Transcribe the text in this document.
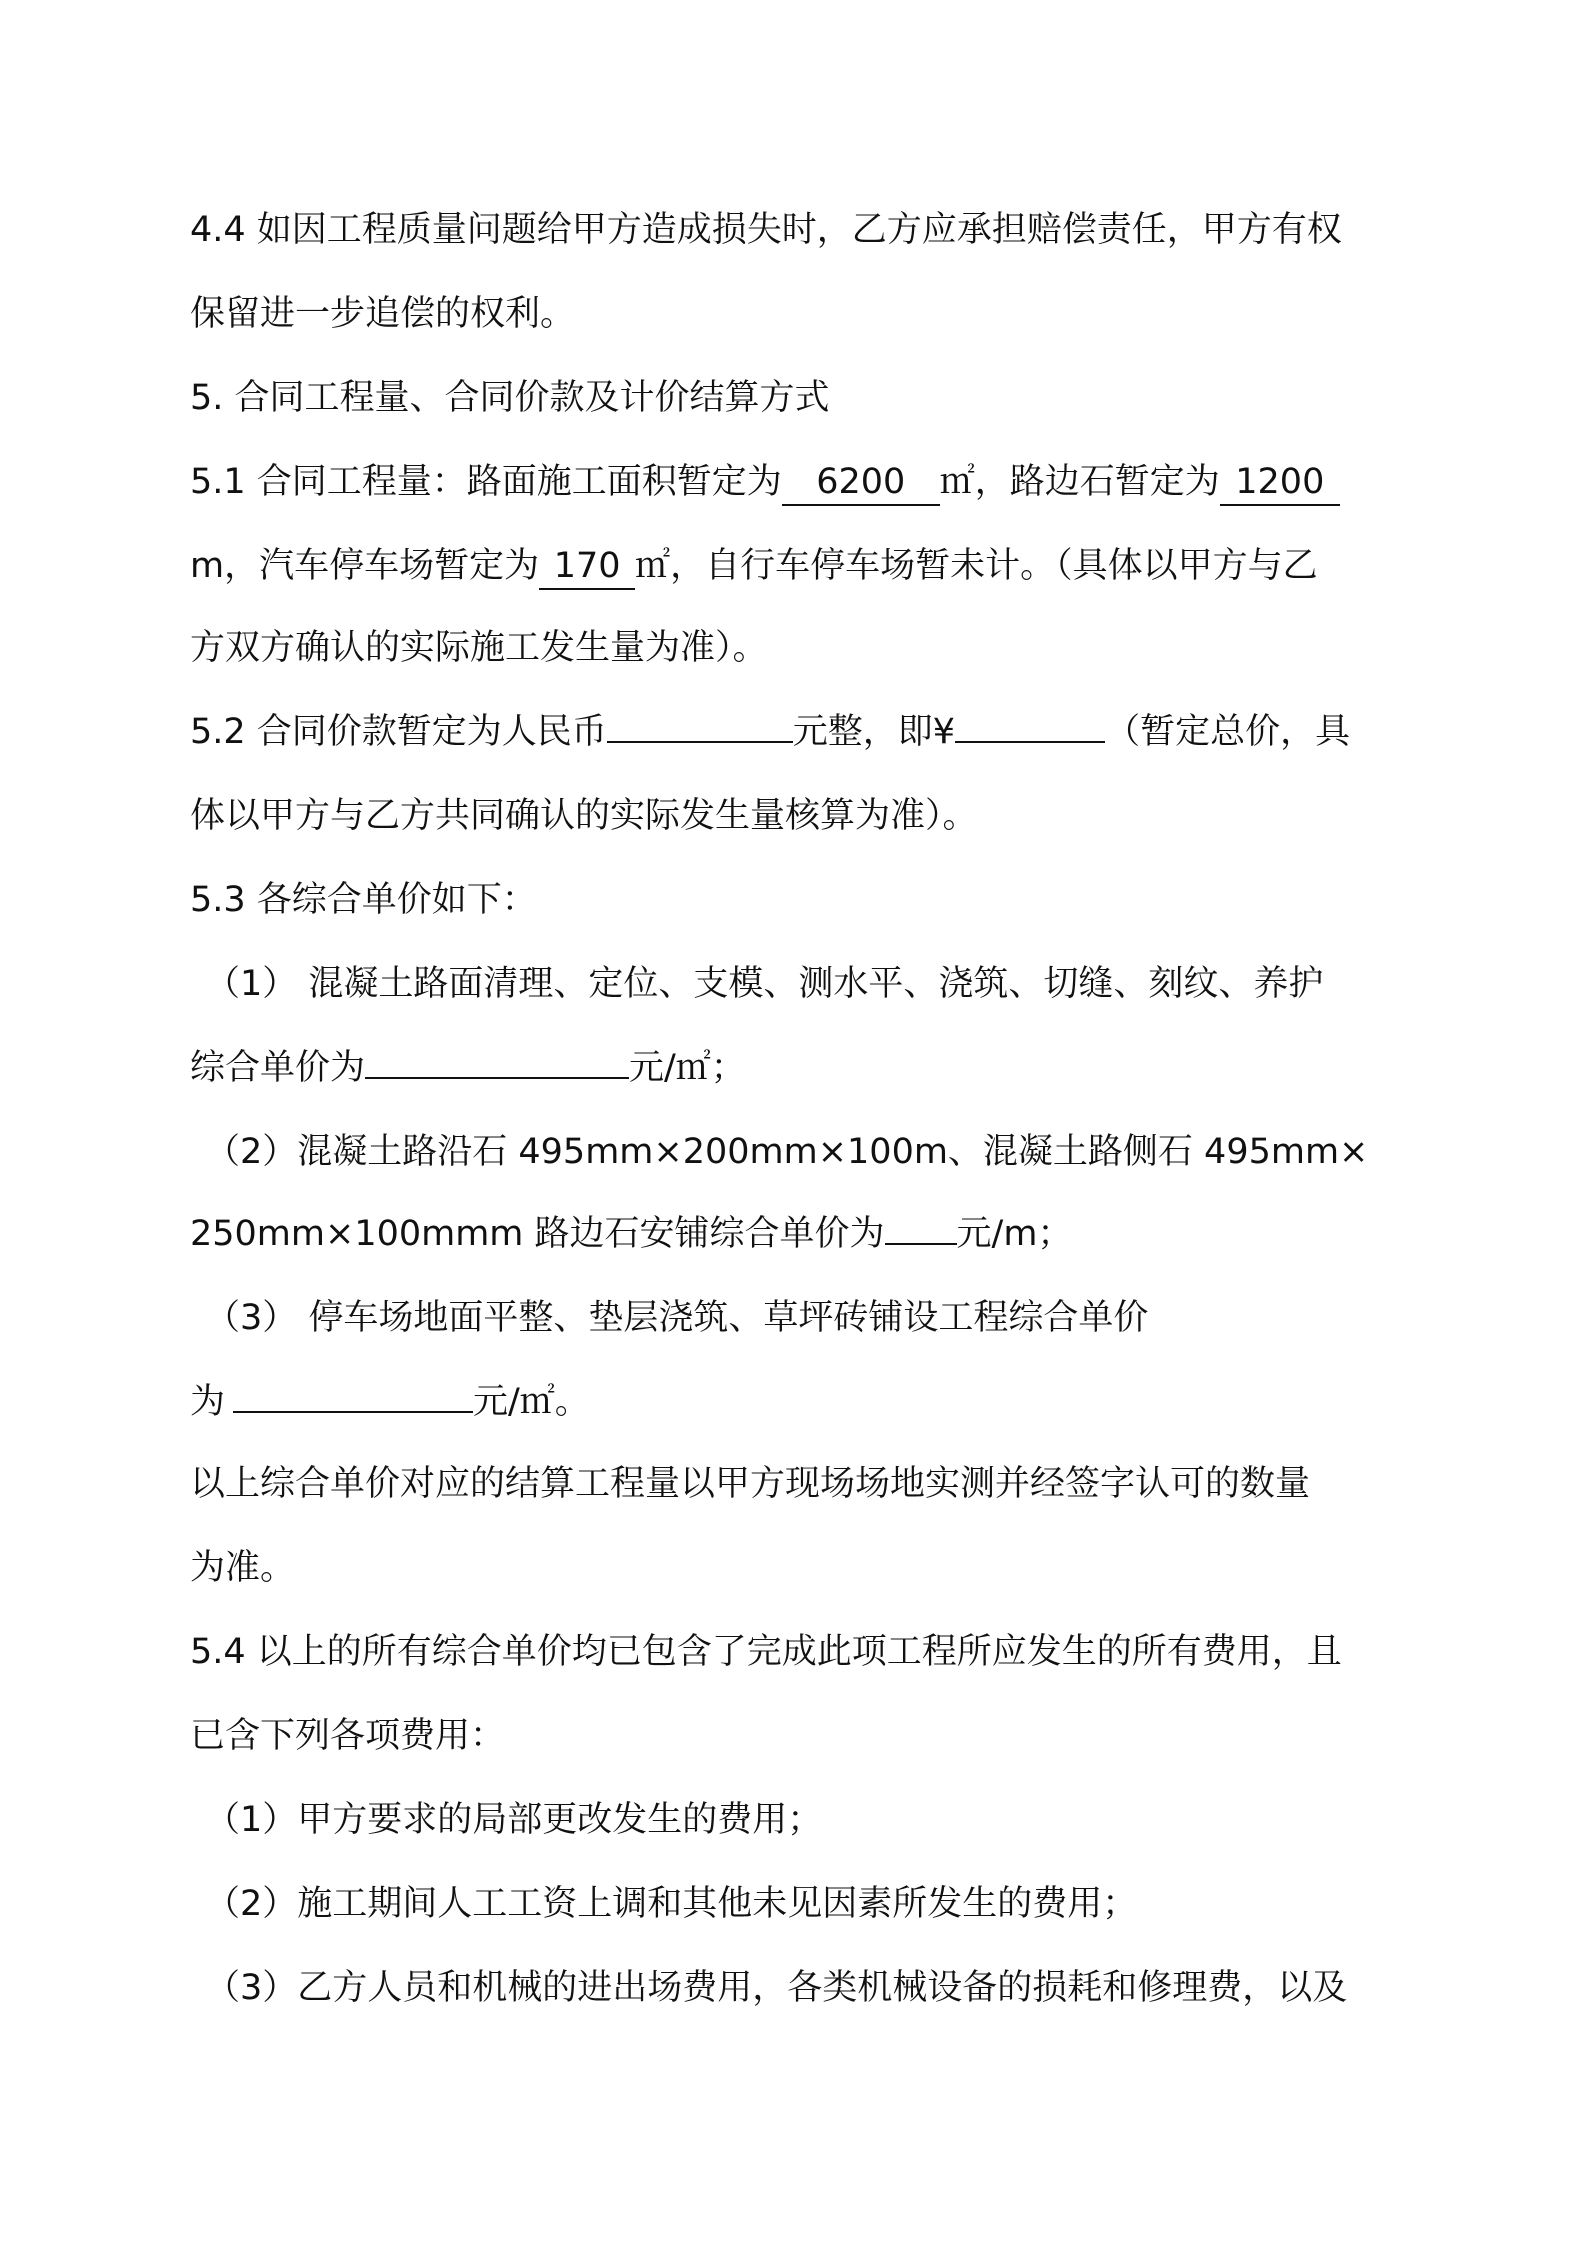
4.4 如因工程质量问题给甲方造成损失时，乙方应承担赔偿责任，甲方有权
保留进一步追偿的权利。
5. 合同工程量、合同价款及计价结算方式
5.1 合同工程量：路面施工面积暂定为 6200 ㎡，路边石暂定为 1200
m，汽车停车场暂定为 170 ㎡，自行车停车场暂未计。（具体以甲方与乙
方双方确认的实际施工发生量为准）。
5.2 合同价款暂定为人民币	元整，即¥	（暂定总价，具
体以甲方与乙方共同确认的实际发生量核算为准）。
5.3 各综合单价如下：
（1） 混凝土路面清理、定位、支模、测水平、浇筑、切缝、刻纹、养护
综合单价为	元/㎡；
（2）混凝土路沿石 495mm×200mm×100m、混凝土路侧石 495mm×
250mm×100mmm 路边石安铺综合单价为 元/m；
（3） 停车场地面平整、垫层浇筑、草坪砖铺设工程综合单价
为	元/㎡。
以上综合单价对应的结算工程量以甲方现场场地实测并经签字认可的数量
为准。
5.4 以上的所有综合单价均已包含了完成此项工程所应发生的所有费用，且
已含下列各项费用：
（1）甲方要求的局部更改发生的费用；
（2）施工期间人工工资上调和其他未见因素所发生的费用；
（3）乙方人员和机械的进出场费用，各类机械设备的损耗和修理费，以及
